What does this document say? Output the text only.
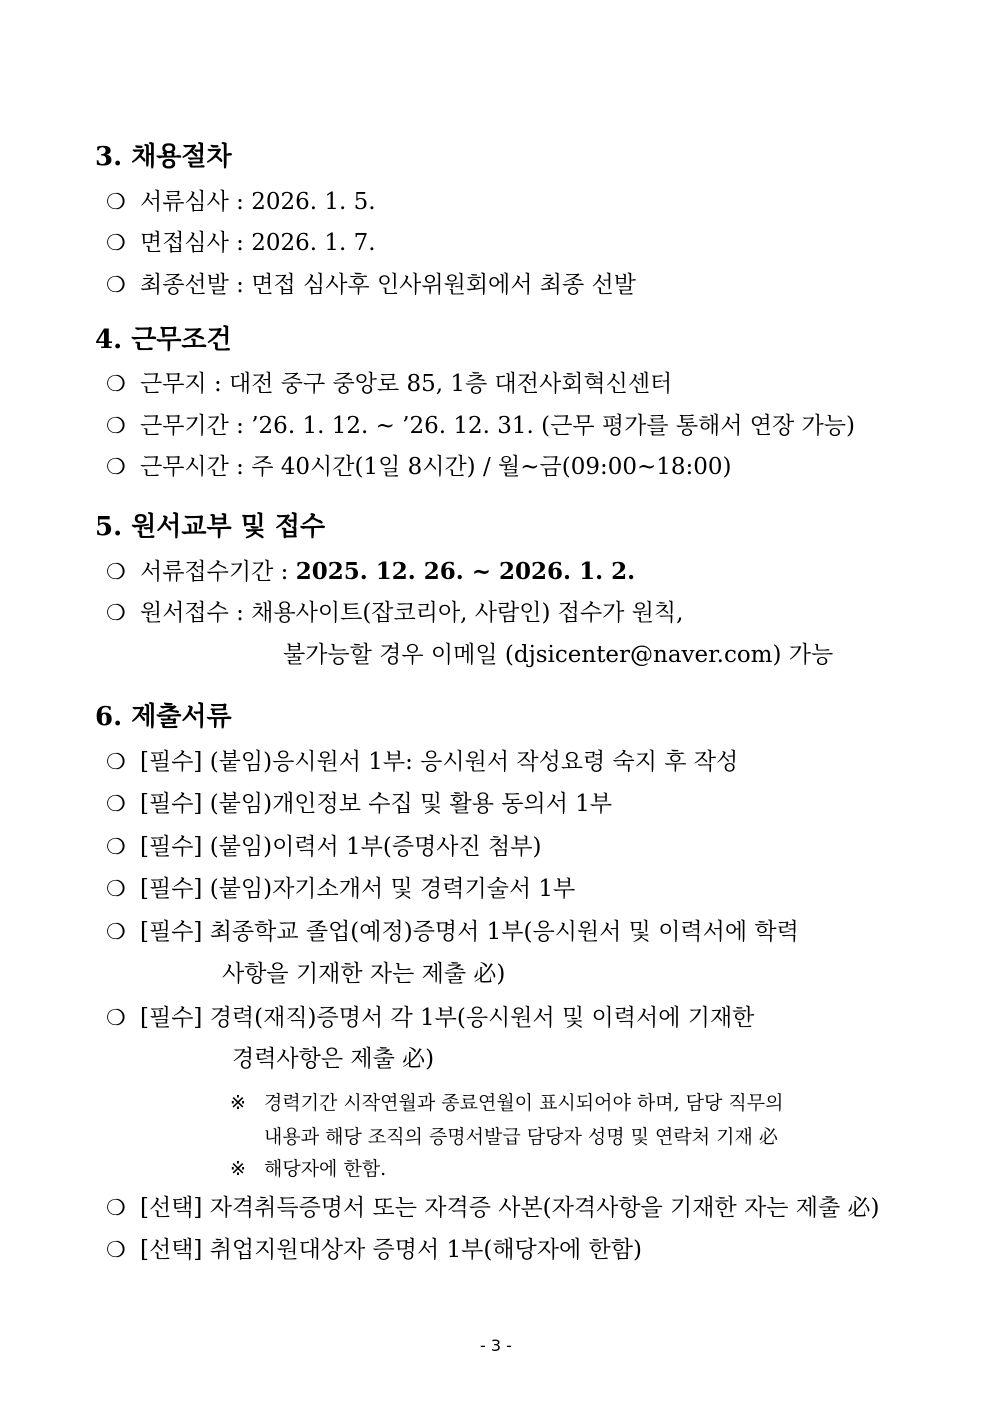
3. 채용절차

❍ 서류심사 : 2026. 1. 5.

❍ 면접심사 : 2026. 1. 7.

❍ 최종선발 : 면접 심사후 인사위원회에서 최종 선발

4. 근무조건

❍ 근무지 : 대전 중구 중앙로 85, 1층 대전사회혁신센터

❍ 근무기간 : ’26. 1. 12. ~ ’26. 12. 31. (근무 평가를 통해서 연장 가능)

❍ 근무시간 : 주 40시간(1일 8시간) / 월~금(09:00~18:00)

5. 원서교부 및 접수

❍ 서류접수기간 : 2025. 12. 26. ~ 2026. 1. 2.

❍ 원서접수 : 채용사이트(잡코리아, 사람인) 접수가 원칙,

불가능할 경우 이메일 (djsicenter@naver.com) 가능

6. 제출서류

❍ [필수] (붙임)응시원서 1부: 응시원서 작성요령 숙지 후 작성

❍ [필수] (붙임)개인정보 수집 및 활용 동의서 1부

❍ [필수] (붙임)이력서 1부(증명사진 첨부)

❍ [필수] (붙임)자기소개서 및 경력기술서 1부

❍ [필수] 최종학교 졸업(예정)증명서 1부(응시원서 및 이력서에 학력

사항을 기재한 자는 제출 必)

❍ [필수] 경력(재직)증명서 각 1부(응시원서 및 이력서에 기재한

경력사항은 제출 必)

※ 경력기간 시작연월과 종료연월이 표시되어야 하며, 담당 직무의

내용과 해당 조직의 증명서발급 담당자 성명 및 연락처 기재 必

※ 해당자에 한함.

❍ [선택] 자격취득증명서 또는 자격증 사본(자격사항을 기재한 자는 제출 必)

❍ [선택] 취업지원대상자 증명서 1부(해당자에 한함)

- 3 -
